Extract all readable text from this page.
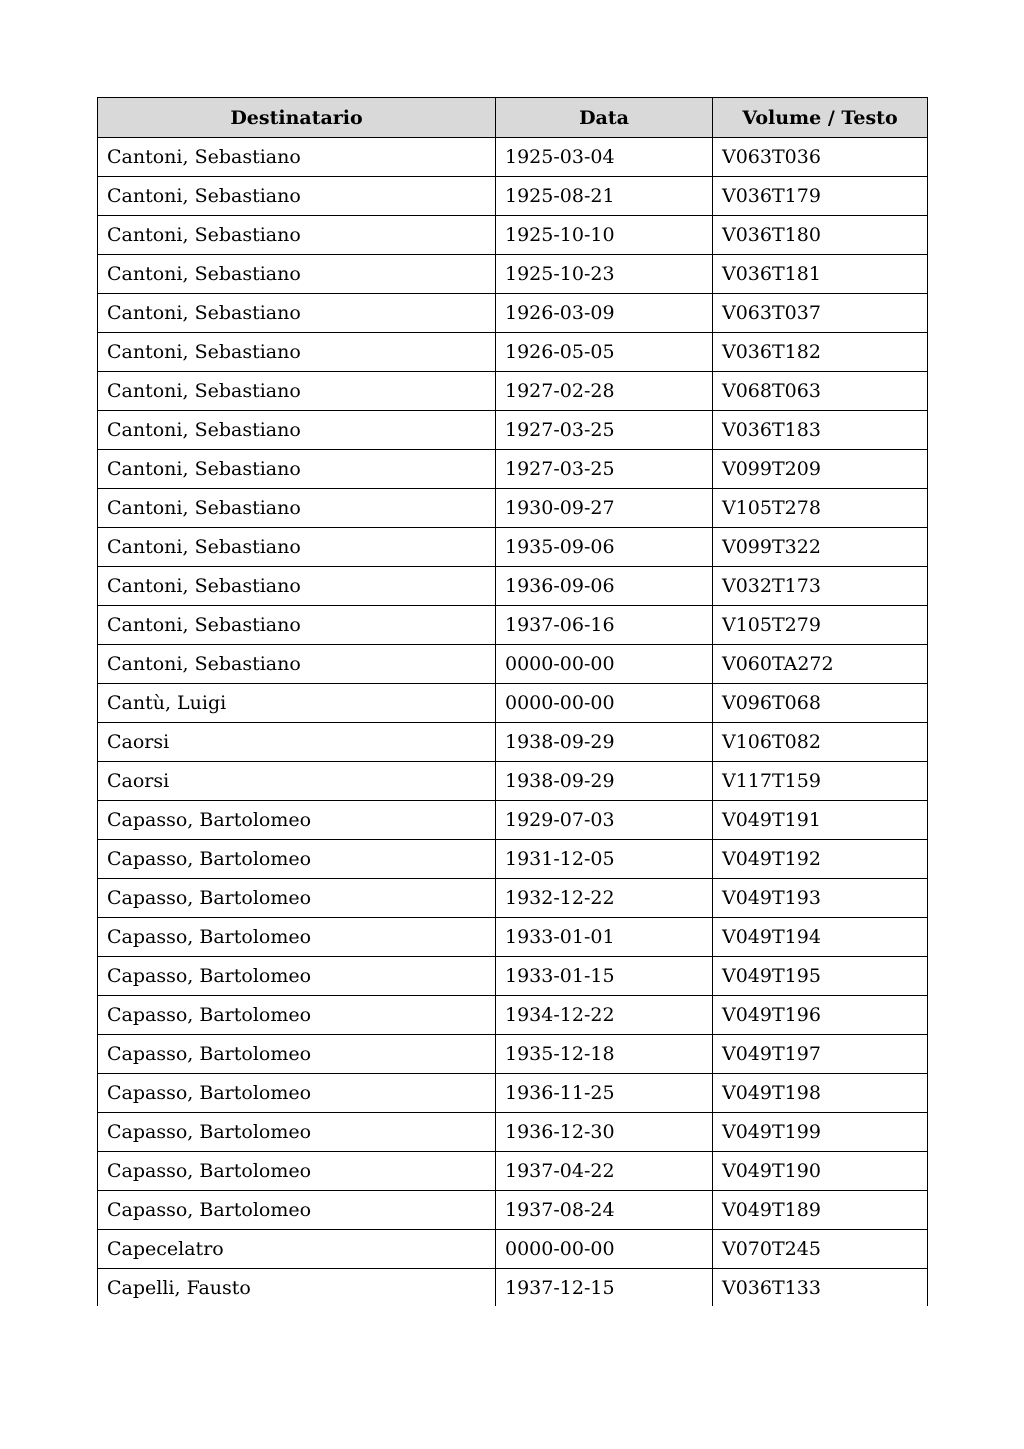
Destinatario	Data	Volume / Testo
Cantoni, Sebastiano	1925-03-04	V063T036
Cantoni, Sebastiano	1925-08-21	V036T179
Cantoni, Sebastiano	1925-10-10	V036T180
Cantoni, Sebastiano	1925-10-23	V036T181
Cantoni, Sebastiano	1926-03-09	V063T037
Cantoni, Sebastiano	1926-05-05	V036T182
Cantoni, Sebastiano	1927-02-28	V068T063
Cantoni, Sebastiano	1927-03-25	V036T183
Cantoni, Sebastiano	1927-03-25	V099T209
Cantoni, Sebastiano	1930-09-27	V105T278
Cantoni, Sebastiano	1935-09-06	V099T322
Cantoni, Sebastiano	1936-09-06	V032T173
Cantoni, Sebastiano	1937-06-16	V105T279
Cantoni, Sebastiano	0000-00-00	V060TA272
Cantù, Luigi	0000-00-00	V096T068
Caorsi	1938-09-29	V106T082
Caorsi	1938-09-29	V117T159
Capasso, Bartolomeo	1929-07-03	V049T191
Capasso, Bartolomeo	1931-12-05	V049T192
Capasso, Bartolomeo	1932-12-22	V049T193
Capasso, Bartolomeo	1933-01-01	V049T194
Capasso, Bartolomeo	1933-01-15	V049T195
Capasso, Bartolomeo	1934-12-22	V049T196
Capasso, Bartolomeo	1935-12-18	V049T197
Capasso, Bartolomeo	1936-11-25	V049T198
Capasso, Bartolomeo	1936-12-30	V049T199
Capasso, Bartolomeo	1937-04-22	V049T190
Capasso, Bartolomeo	1937-08-24	V049T189
Capecelatro	0000-00-00	V070T245
Capelli, Fausto	1937-12-15	V036T133
